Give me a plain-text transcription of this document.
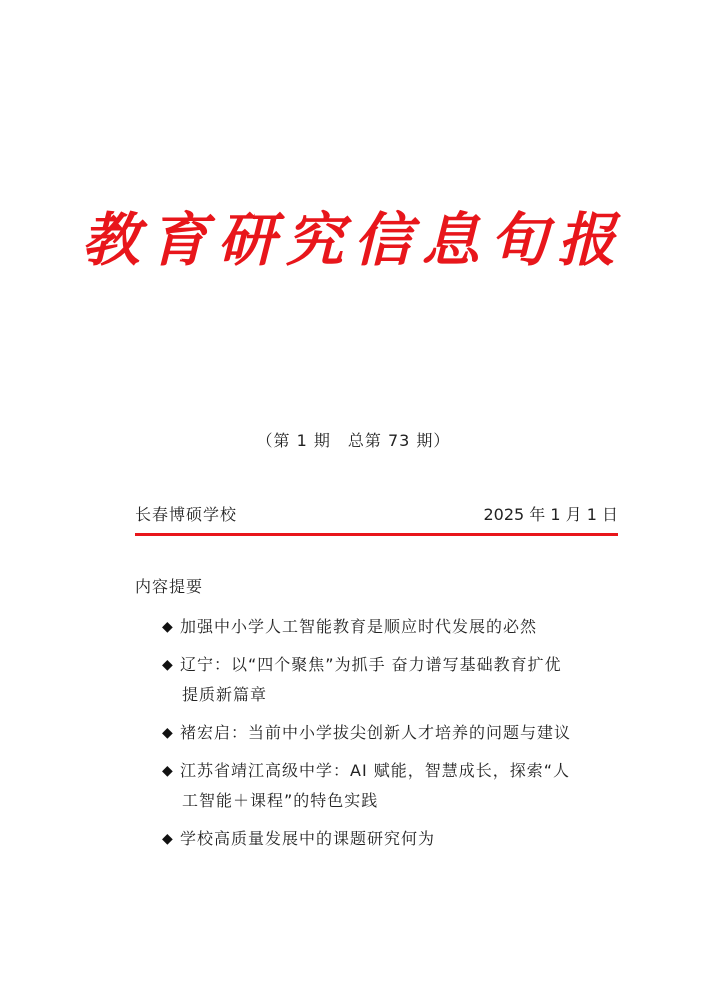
教育研究信息旬报
（第 1 期　总第 73 期）
长春博硕学校	2025 年 1 月 1 日
内容提要
◆ 加强中小学人工智能教育是顺应时代发展的必然
◆ 辽宁：以“四个聚焦”为抓手 奋力谱写基础教育扩优
提质新篇章
◆ 褚宏启：当前中小学拔尖创新人才培养的问题与建议
◆ 江苏省靖江高级中学：AI 赋能，智慧成长，探索“人
工智能＋课程”的特色实践
◆ 学校高质量发展中的课题研究何为
